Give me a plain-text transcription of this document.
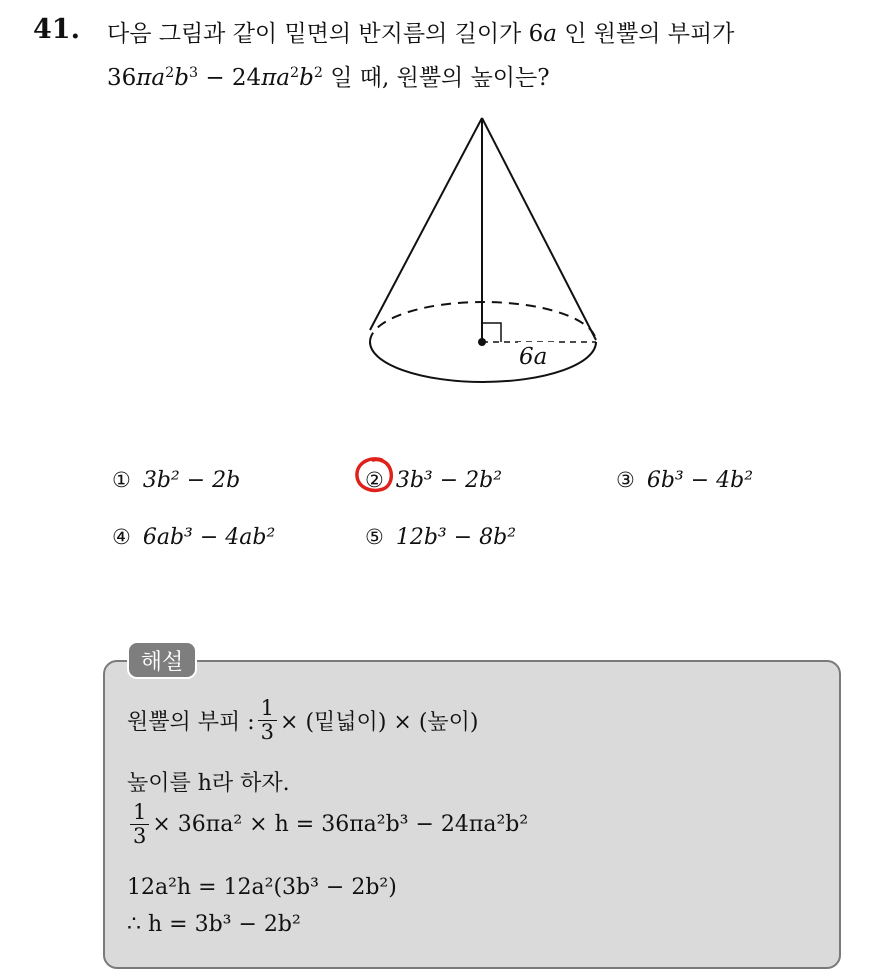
41. 다음 그림과 같이 밑면의 반지름의 길이가 6a 인 원뿔의 부피가
$36\pi a^2b^3 - 24\pi a^2b^2$ 일 때, 원뿔의 높이는?
6a
① 3b² − 2b	② 3b³ − 2b²	③ 6b³ − 4b²
④ 6ab³ − 4ab²	⑤ 12b³ − 8b²
해설
원뿔의 부피 : $\frac{1}{3}$ × (밑넓이) × (높이)
높이를 h라 하자.
$\frac{1}{3} \times 36\pi a^2 \times h = 36\pi a^2b^3 - 24\pi a^2b^2$
12a²h = 12a²(3b³ − 2b²)
∴ h = 3b³ − 2b²
